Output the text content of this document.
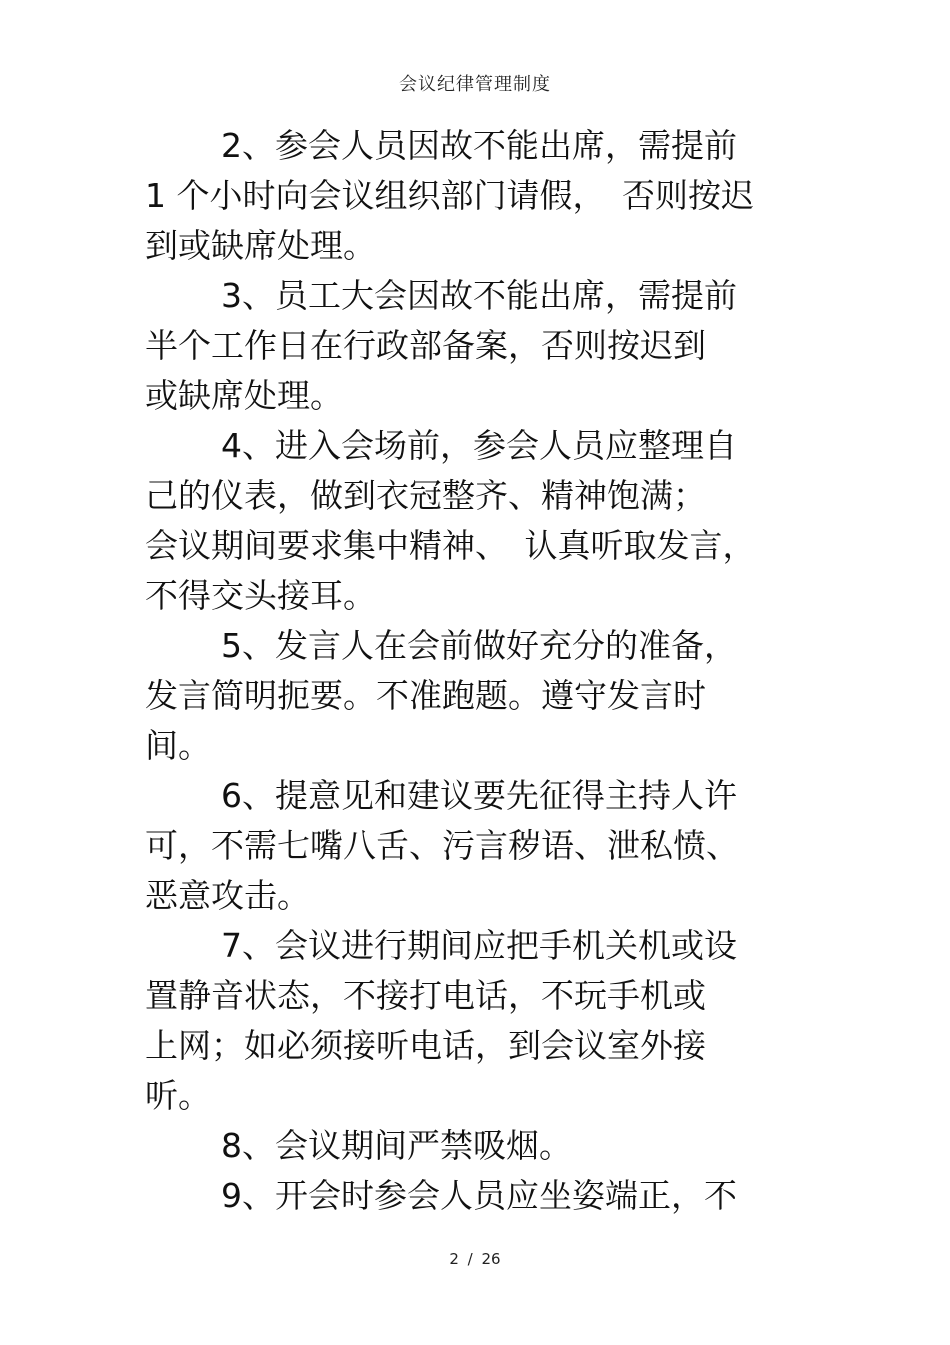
会议纪律管理制度
2、参会人员因故不能出席，需提前
1 个小时向会议组织部门请假，　否则按迟
到或缺席处理。
3、员工大会因故不能出席，需提前
半个工作日在行政部备案，否则按迟到
或缺席处理。
4、进入会场前，参会人员应整理自
己的仪表，做到衣冠整齐、精神饱满；
会议期间要求集中精神、　认真听取发言，
不得交头接耳。
5、发言人在会前做好充分的准备，
发言简明扼要。不准跑题。遵守发言时
间。
6、提意见和建议要先征得主持人许
可，不需七嘴八舌、污言秽语、泄私愤、
恶意攻击。
7、会议进行期间应把手机关机或设
置静音状态，不接打电话，不玩手机或
上网；如必须接听电话，到会议室外接
听。
8、会议期间严禁吸烟。
9、开会时参会人员应坐姿端正，不
2 / 26
